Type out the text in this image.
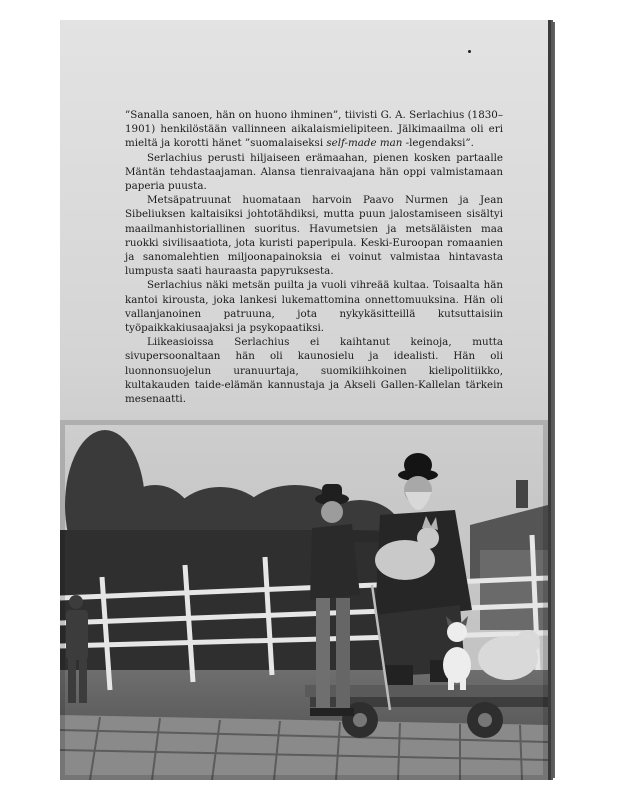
”Sanalla sanoen, hän on huono ihminen”, tiivisti G. A. Serlachius (1830–1901) henkilöstään vallinneen aikalaismielipiteen. Jälkimaailma oli eri mieltä ja korotti hänet ”suomalaiseksi self-made man -legendaksi”.

Serlachius perusti hiljaiseen erämaahan, pienen kosken partaalle Mäntän tehdastaajaman. Alansa tienraivaajana hän oppi valmistamaan paperia puusta.

Metsäpatruunat huomataan harvoin Paavo Nurmen ja Jean Sibeliuksen kaltaisiksi johtotähdiksi, mutta puun jalostamiseen sisältyi maailmanhistoriallinen suoritus. Havumetsien ja metsäläisten maa ruokki sivilisaatiota, jota kuristi paperipula. Keski-Euroopan romaanien ja sanomalehtien miljoonapainoksia ei voinut valmistaa hintavasta lumpusta saati hauraasta papyruksesta.

Serlachius näki metsän puilta ja vuoli vihreää kultaa. Toisaalta hän kantoi kirousta, joka lankesi lukemattomina onnettomuuksina. Hän oli vallanjanoinen patruuna, jota nykykäsitteillä kutsuttaisiin työpaikkakiusaajaksi ja psykopaatiksi.

Liikeasioissa Serlachius ei kaihtanut keinoja, mutta sivupersoonaltaan hän oli kaunosielu ja idealisti. Hän oli luonnonsuojelun uranuurtaja, suomikiihkoinen kielipolitiikko, kultakauden taide-elämän kannustaja ja Akseli Gallen-Kallelan tärkein mesenaatti.
